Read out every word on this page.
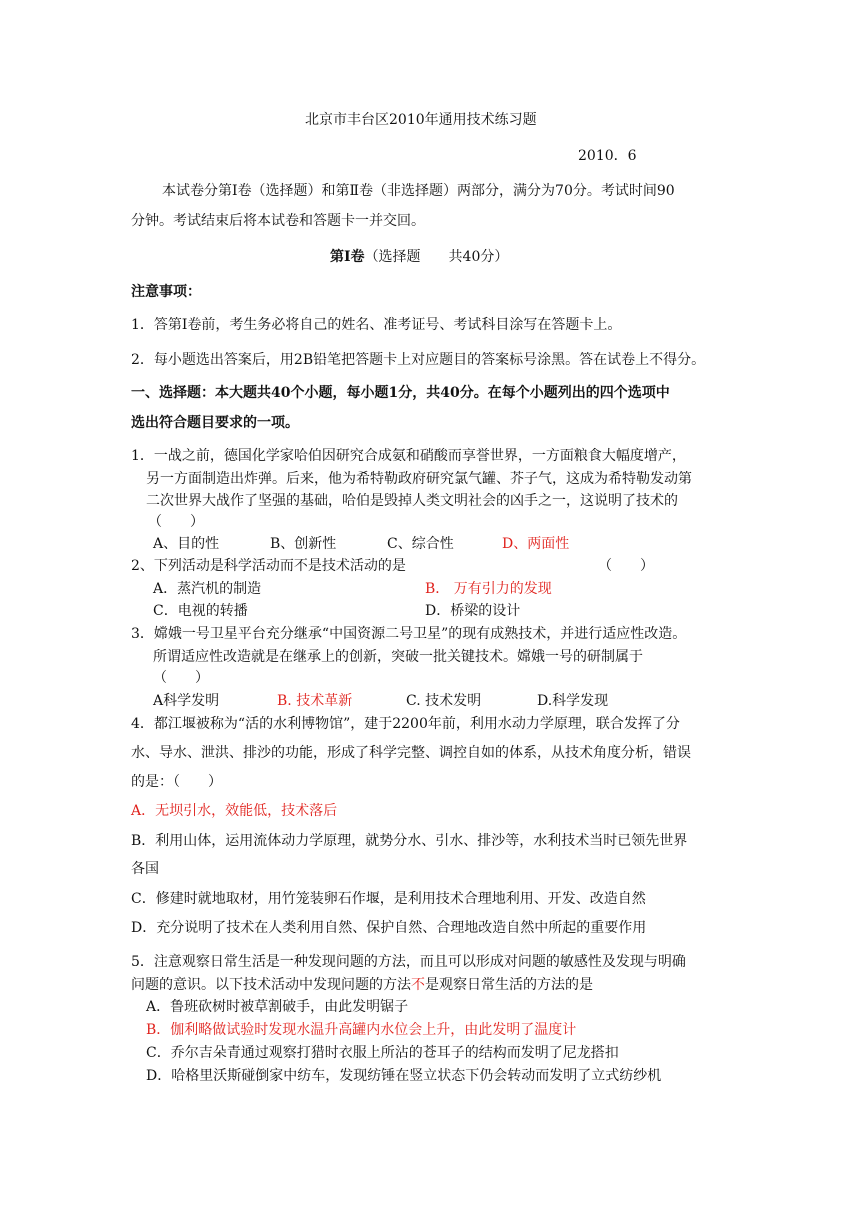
北京市丰台区2010年通用技术练习题
2010．6
本试卷分第Ⅰ卷（选择题）和第Ⅱ卷（非选择题）两部分，满分为70分。考试时间90
分钟。考试结束后将本试卷和答题卡一并交回。
第Ⅰ卷（选择题　　共40分）
注意事项：
1．答第Ⅰ卷前，考生务必将自己的姓名、准考证号、考试科目涂写在答题卡上。
2．每小题选出答案后，用2B铅笔把答题卡上对应题目的答案标号涂黑。答在试卷上不得分。
一、选择题：本大题共40个小题，每小题1分，共40分。在每个小题列出的四个选项中
选出符合题目要求的一项。
1．一战之前，德国化学家哈伯因研究合成氨和硝酸而享誉世界，一方面粮食大幅度增产，
另一方面制造出炸弹。后来，他为希特勒政府研究氯气罐、芥子气，这成为希特勒发动第
二次世界大战作了坚强的基础，哈伯是毁掉人类文明社会的凶手之一，这说明了技术的
（　　）
A、目的性	B、创新性	C、综合性	D、两面性
2、下列活动是科学活动而不是技术活动的是	（　　）
A．蒸汽机的制造	B． 万有引力的发现
C．电视的转播	D．桥梁的设计
3．嫦娥一号卫星平台充分继承“中国资源二号卫星”的现有成熟技术，并进行适应性改造。
所谓适应性改造就是在继承上的创新，突破一批关键技术。嫦娥一号的研制属于
（　　）
A科学发明	B. 技术革新	C. 技术发明	D.科学发现
4．都江堰被称为“活的水利博物馆”，建于2200年前，利用水动力学原理，联合发挥了分
水、导水、泄洪、排沙的功能，形成了科学完整、调控自如的体系，从技术角度分析，错误
的是：（　　）
A．无坝引水，效能低，技术落后
B．利用山体，运用流体动力学原理，就势分水、引水、排沙等，水利技术当时已领先世界
各国
C．修建时就地取材，用竹笼装卵石作堰，是利用技术合理地利用、开发、改造自然
D．充分说明了技术在人类利用自然、保护自然、合理地改造自然中所起的重要作用
5．注意观察日常生活是一种发现问题的方法，而且可以形成对问题的敏感性及发现与明确
问题的意识。以下技术活动中发现问题的方法不是观察日常生活的方法的是
A．鲁班砍树时被草割破手，由此发明锯子
B．伽利略做试验时发现水温升高罐内水位会上升，由此发明了温度计
C．乔尔吉朵青通过观察打猎时衣服上所沾的苍耳子的结构而发明了尼龙搭扣
D．哈格里沃斯碰倒家中纺车，发现纺锤在竖立状态下仍会转动而发明了立式纺纱机
